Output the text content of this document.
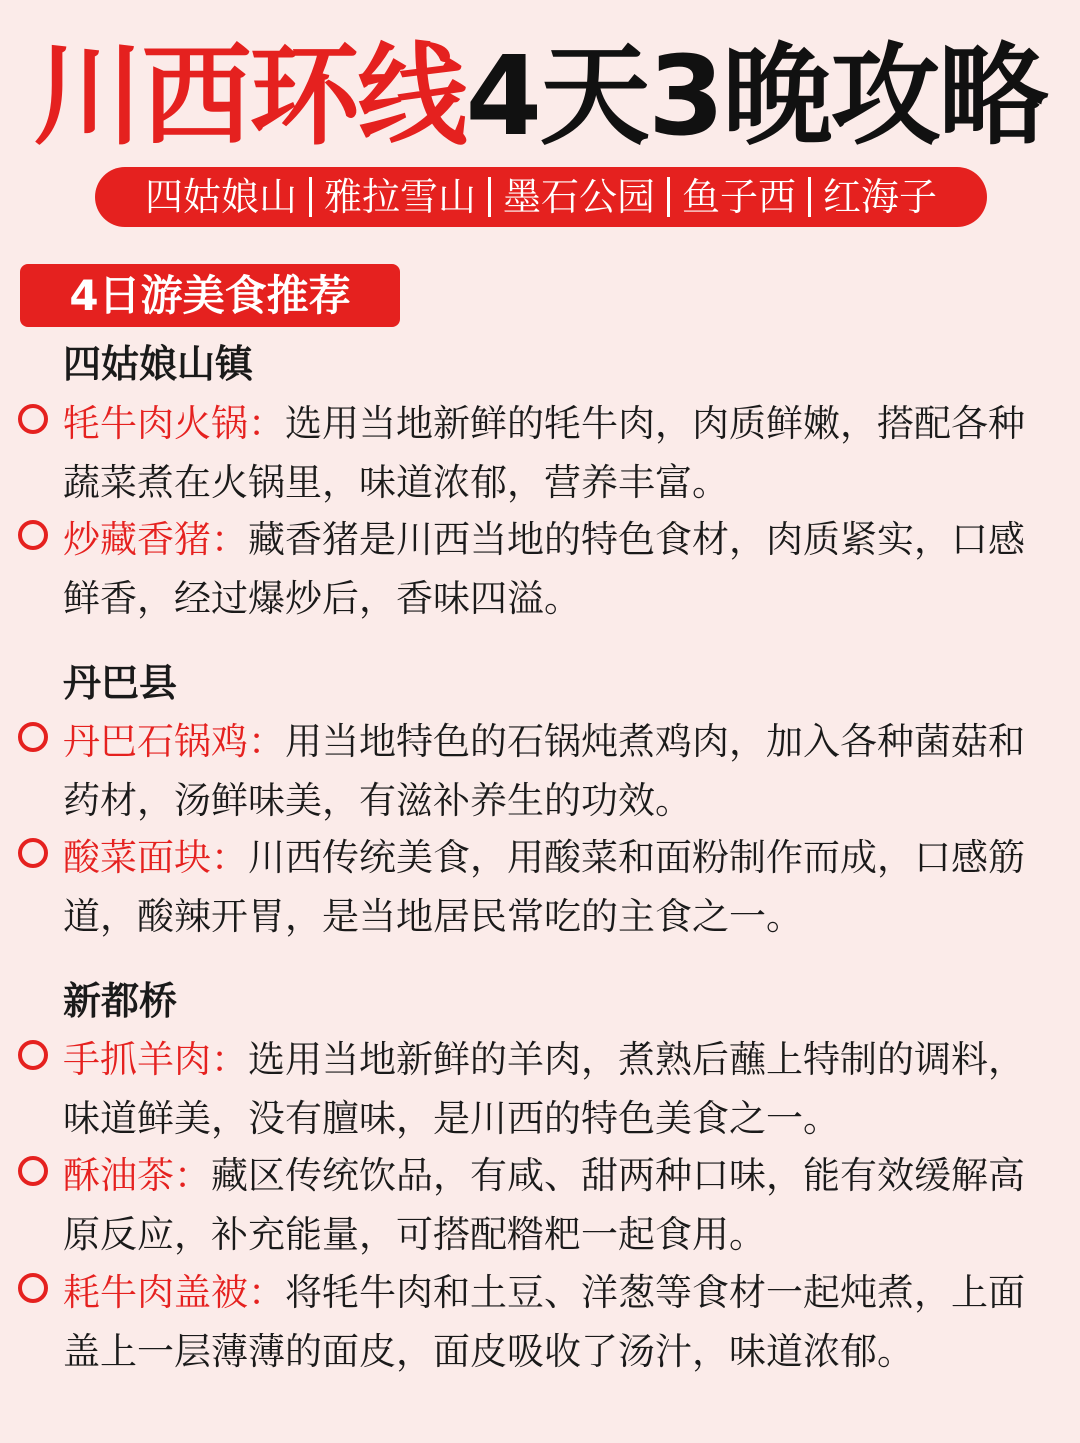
川西环线4天3晚攻略
四姑娘山 雅拉雪山 墨石公园 鱼子西 红海子
4日游美食推荐
四姑娘山镇
牦牛肉火锅：选用当地新鲜的牦牛肉，肉质鲜嫩，搭配各种蔬菜煮在火锅里，味道浓郁，营养丰富。
炒藏香猪：藏香猪是川西当地的特色食材，肉质紧实，口感鲜香，经过爆炒后，香味四溢。
丹巴县
丹巴石锅鸡：用当地特色的石锅炖煮鸡肉，加入各种菌菇和药材，汤鲜味美，有滋补养生的功效。
酸菜面块：川西传统美食，用酸菜和面粉制作而成，口感筋道，酸辣开胃，是当地居民常吃的主食之一。
新都桥
手抓羊肉：选用当地新鲜的羊肉，煮熟后蘸上特制的调料，味道鲜美，没有膻味，是川西的特色美食之一。
酥油茶：藏区传统饮品，有咸、甜两种口味，能有效缓解高原反应，补充能量，可搭配糌粑一起食用。
耗牛肉盖被：将牦牛肉和土豆、洋葱等食材一起炖煮，上面盖上一层薄薄的面皮，面皮吸收了汤汁，味道浓郁。
